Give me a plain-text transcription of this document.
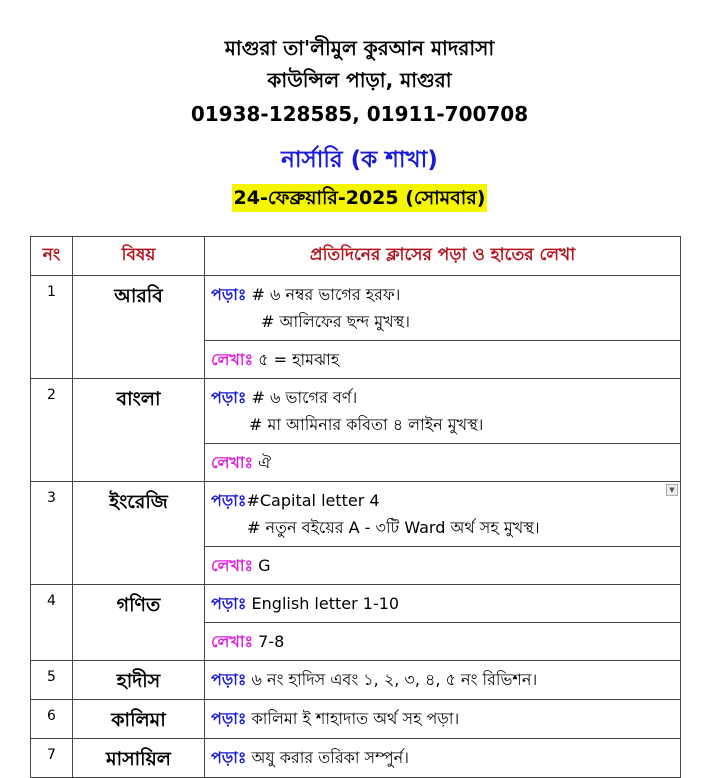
মাগুরা তা'লীমুল কুরআন মাদরাসা
কাউন্সিল পাড়া, মাগুরা
01938-128585, 01911-700708
নার্সারি (ক শাখা)
24-ফেব্রুয়ারি-2025 (সোমবার)
নং	বিষয়	প্রতিদিনের ক্লাসের পড়া ও হাতের লেখা
1	আরবি	পড়াঃ # ৬ নম্বর ভাগের হরফ।
# আলিফের ছন্দ মুখস্থ।

		লেখাঃ ৫ = হামঝাহ
2	বাংলা	পড়াঃ # ৬ ভাগের বর্ণ।
# মা আমিনার কবিতা ৪ লাইন মুখস্থ।

		লেখাঃ ঐ
3	ইংরেজি	▼
পড়াঃ#Capital letter 4
# নতুন বইয়ের A - ৩টি Ward অর্থ সহ মুখস্থ।

		লেখাঃ G
4	গণিত	পড়াঃ English letter 1-10
		লেখাঃ 7-8
5	হাদীস	পড়াঃ ৬ নং হাদিস এবং ১, ২, ৩, ৪, ৫ নং রিভিশন।
6	কালিমা	পড়াঃ কালিমা ই শাহাদাত অর্থ সহ পড়া।
7	মাসায়িল	পড়াঃ অযু করার তরিকা সম্পুর্ন।
